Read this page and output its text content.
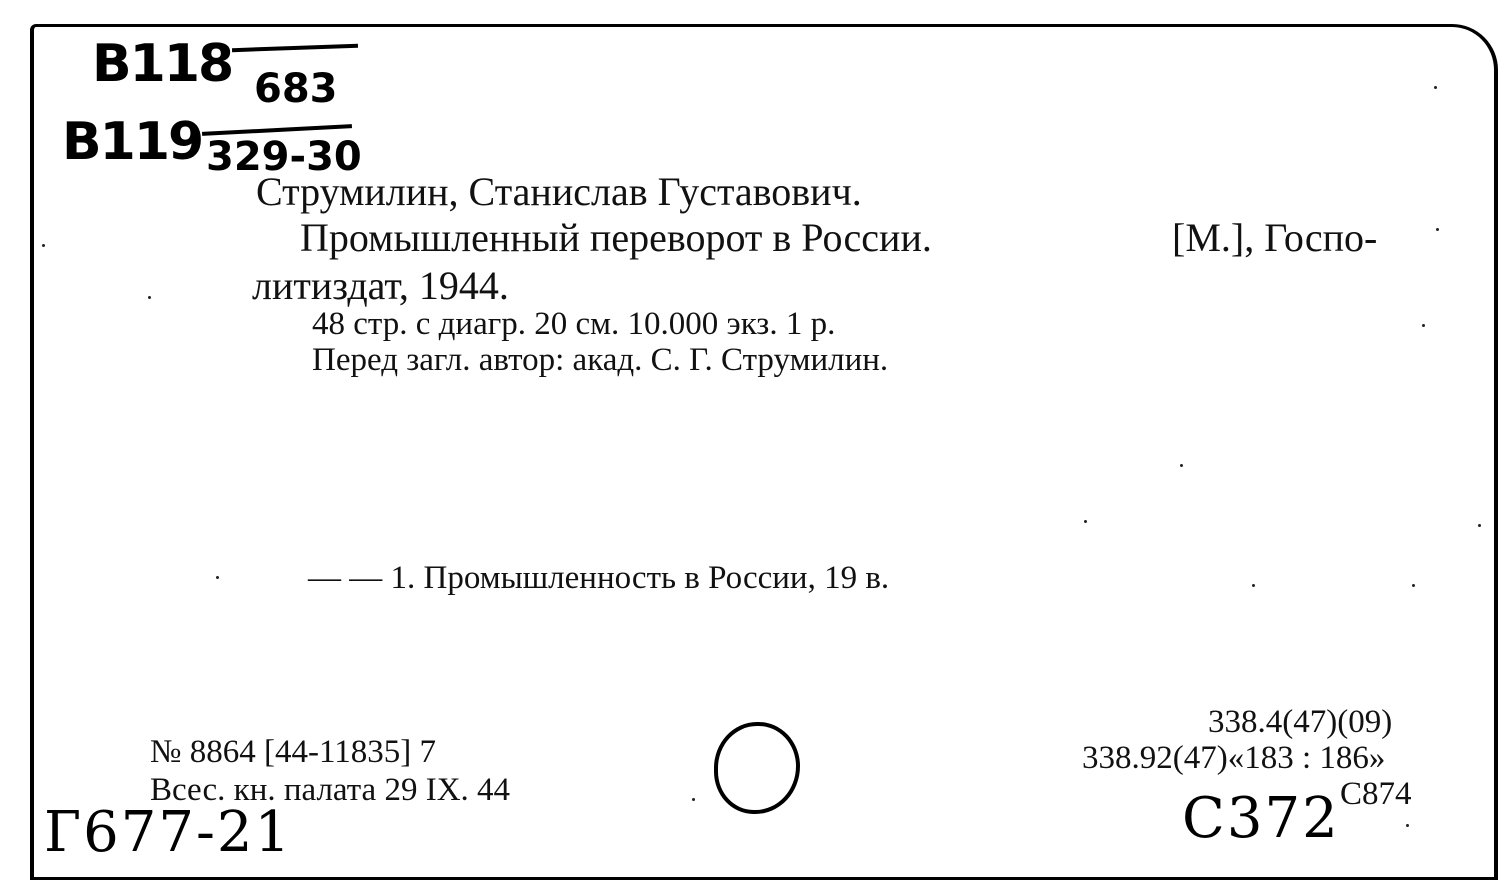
В118 683
В119 329-30
Струмилин, Станислав Густавович.
Промышленный переворот в России.	[М.], Госпо-
литиздат, 1944.
48 стр. с диагр. 20 см. 10.000 экз. 1 р.
Перед загл. автор: акад. С. Г. Струмилин.
— — 1. Промышленность в России, 19 в.
№ 8864 [44-11835] 7
Всес. кн. палата 29 IX. 44
338.4(47)(09)
338.92(47)«183 : 186»
С874
Г677-21	С372
